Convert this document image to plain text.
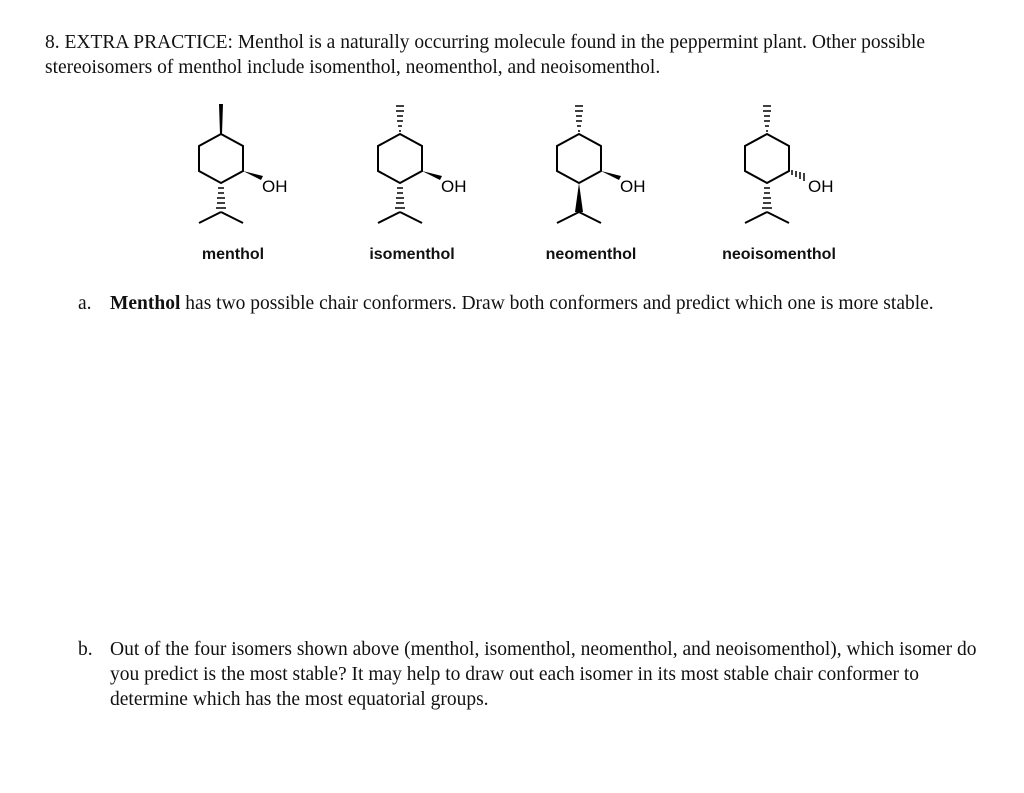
8. EXTRA PRACTICE: Menthol is a naturally occurring molecule found in the peppermint plant. Other possible stereoisomers of menthol include isomenthol, neomenthol, and neoisomenthol.
OH
menthol
OH
isomenthol
OH
neomenthol
OH
neoisomenthol
a. Menthol has two possible chair conformers. Draw both conformers and predict which one is more stable.
b. Out of the four isomers shown above (menthol, isomenthol, neomenthol, and neoisomenthol), which isomer do you predict is the most stable? It may help to draw out each isomer in its most stable chair conformer to determine which has the most equatorial groups.
